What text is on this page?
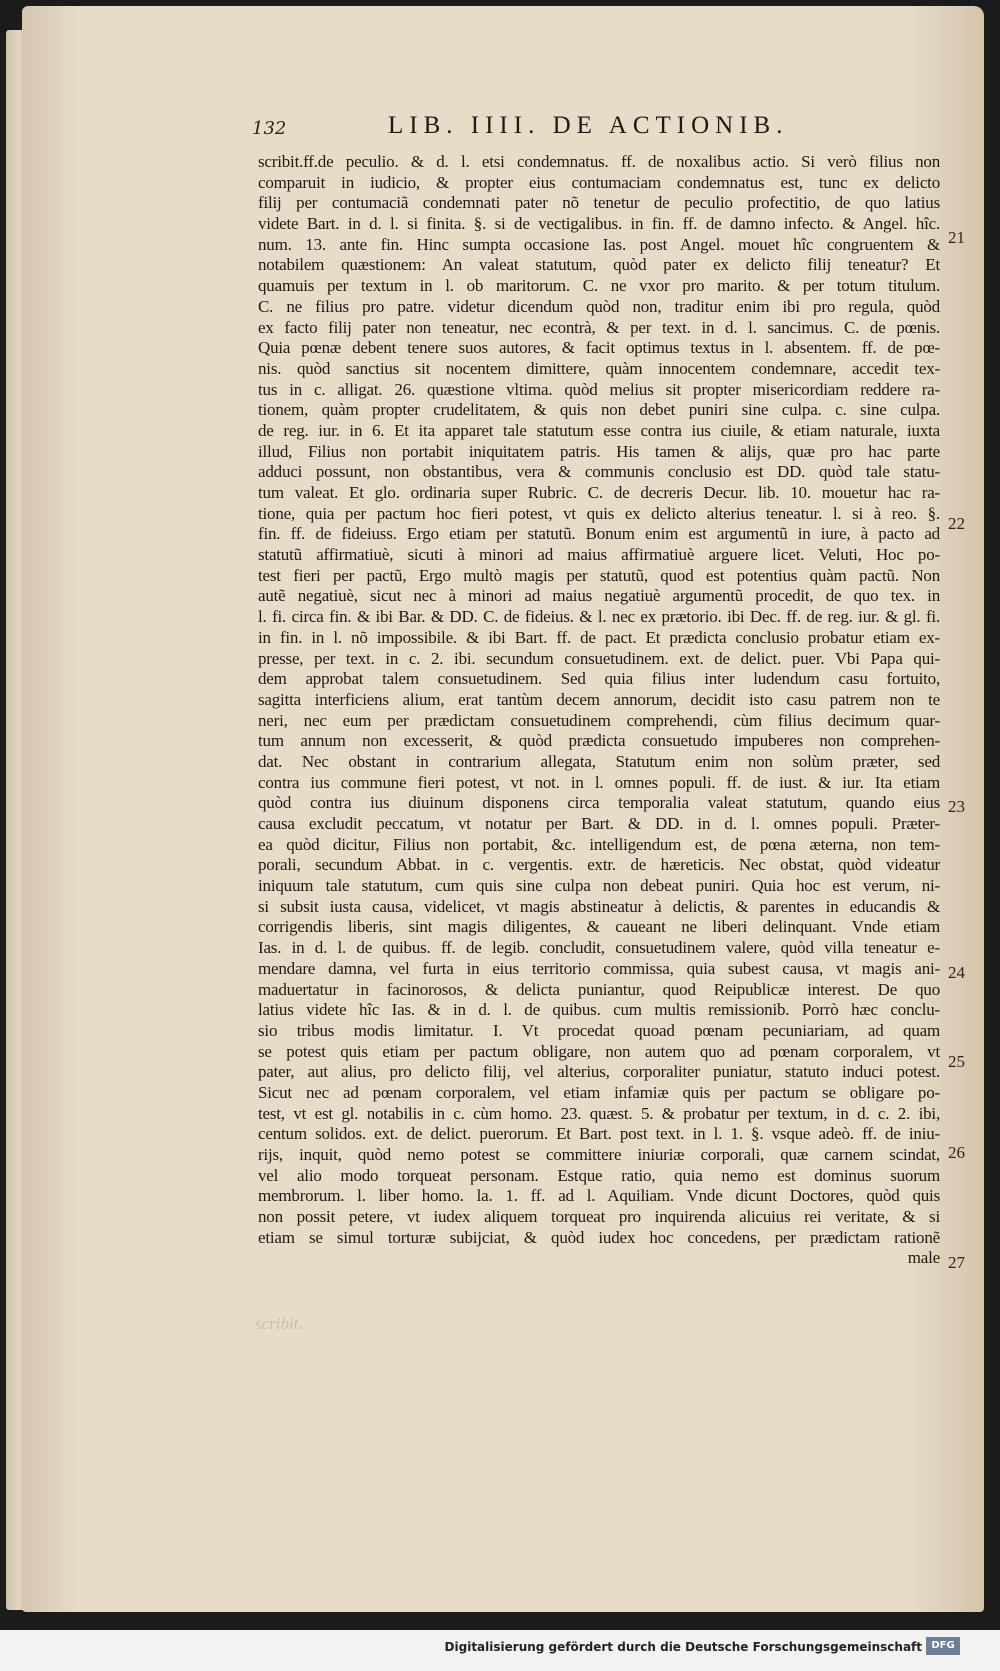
132	LIB. IIII. DE ACTIONIB.
scribit.ff.de peculio. & d. l. etsi condemnatus. ff. de noxalibus actio. Si verò filius non
comparuit in iudicio, & propter eius contumaciam condemnatus est, tunc ex delicto
filij per contumaciã condemnati pater nõ tenetur de peculio profectitio, de quo latius
videte Bart. in d. l. si finita. §. si de vectigalibus. in fin. ff. de damno infecto. & Angel. hîc.
num. 13. ante fin. Hinc sumpta occasione Ias. post Angel. mouet hîc congruentem &
notabilem quæstionem: An valeat statutum, quòd pater ex delicto filij teneatur? Et
quamuis per textum in l. ob maritorum. C. ne vxor pro marito. & per totum titulum.
C. ne filius pro patre. videtur dicendum quòd non, traditur enim ibi pro regula, quòd
ex facto filij pater non teneatur, nec econtrà, & per text. in d. l. sancimus. C. de pœnis.
Quia pœnæ debent tenere suos autores, & facit optimus textus in l. absentem. ff. de pœ-
nis. quòd sanctius sit nocentem dimittere, quàm innocentem condemnare, accedit tex-
tus in c. alligat. 26. quæstione vltima. quòd melius sit propter misericordiam reddere ra-
tionem, quàm propter crudelitatem, & quis non debet puniri sine culpa. c. sine culpa.
de reg. iur. in 6. Et ita apparet tale statutum esse contra ius ciuile, & etiam naturale, iuxta
illud, Filius non portabit iniquitatem patris. His tamen & alijs, quæ pro hac parte
adduci possunt, non obstantibus, vera & communis conclusio est DD. quòd tale statu-
tum valeat. Et glo. ordinaria super Rubric. C. de decreris Decur. lib. 10. mouetur hac ra-
tione, quia per pactum hoc fieri potest, vt quis ex delicto alterius teneatur. l. si à reo. §.
fin. ff. de fideiuss. Ergo etiam per statutũ. Bonum enim est argumentũ in iure, à pacto ad
statutũ affirmatiuè, sicuti à minori ad maius affirmatiuè arguere licet. Veluti, Hoc po-
test fieri per pactũ, Ergo multò magis per statutũ, quod est potentius quàm pactũ. Non
autẽ negatiuè, sicut nec à minori ad maius negatiuè argumentũ procedit, de quo tex. in
l. fi. circa fin. & ibi Bar. & DD. C. de fideius. & l. nec ex prætorio. ibi Dec. ff. de reg. iur. & gl. fi.
in fin. in l. nõ impossibile. & ibi Bart. ff. de pact. Et prædicta conclusio probatur etiam ex-
presse, per text. in c. 2. ibi. secundum consuetudinem. ext. de delict. puer. Vbi Papa qui-
dem approbat talem consuetudinem. Sed quia filius inter ludendum casu fortuito,
sagitta interficiens alium, erat tantùm decem annorum, decidit isto casu patrem non te
neri, nec eum per prædictam consuetudinem comprehendi, cùm filius decimum quar-
tum annum non excesserit, & quòd prædicta consuetudo impuberes non comprehen-
dat. Nec obstant in contrarium allegata, Statutum enim non solùm præter, sed
contra ius commune fieri potest, vt not. in l. omnes populi. ff. de iust. & iur. Ita etiam
quòd contra ius diuinum disponens circa temporalia valeat statutum, quando eius
causa excludit peccatum, vt notatur per Bart. & DD. in d. l. omnes populi. Præter-
ea quòd dicitur, Filius non portabit, &c. intelligendum est, de pœna æterna, non tem-
porali, secundum Abbat. in c. vergentis. extr. de hæreticis. Nec obstat, quòd videatur
iniquum tale statutum, cum quis sine culpa non debeat puniri. Quia hoc est verum, ni-
si subsit iusta causa, videlicet, vt magis abstineatur à delictis, & parentes in educandis &
corrigendis liberis, sint magis diligentes, & caueant ne liberi delinquant. Vnde etiam
Ias. in d. l. de quibus. ff. de legib. concludit, consuetudinem valere, quòd villa teneatur e-
mendare damna, vel furta in eius territorio commissa, quia subest causa, vt magis ani-
maduertatur in facinorosos, & delicta puniantur, quod Reipublicæ interest. De quo
latius videte hîc Ias. & in d. l. de quibus. cum multis remissionib. Porrò hæc conclu-
sio tribus modis limitatur. I. Vt procedat quoad pœnam pecuniariam, ad quam
se potest quis etiam per pactum obligare, non autem quo ad pœnam corporalem, vt
pater, aut alius, pro delicto filij, vel alterius, corporaliter puniatur, statuto induci potest.
Sicut nec ad pœnam corporalem, vel etiam infamiæ quis per pactum se obligare po-
test, vt est gl. notabilis in c. cùm homo. 23. quæst. 5. & probatur per textum, in d. c. 2. ibi,
centum solidos. ext. de delict. puerorum. Et Bart. post text. in l. 1. §. vsque adeò. ff. de iniu-
rijs, inquit, quòd nemo potest se committere iniuriæ corporali, quæ carnem scindat,
vel alio modo torqueat personam. Estque ratio, quia nemo est dominus suorum
membrorum. l. liber homo. la. 1. ff. ad l. Aquiliam. Vnde dicunt Doctores, quòd quis
non possit petere, vt iudex aliquem torqueat pro inquirenda alicuius rei veritate, & si
etiam se simul torturæ subijciat, & quòd iudex hoc concedens, per prædictam rationẽ
male
21
22
23
24
25
26
27
scribit.
Digitalisierung gefördert durch die Deutsche Forschungsgemeinschaft DFG
